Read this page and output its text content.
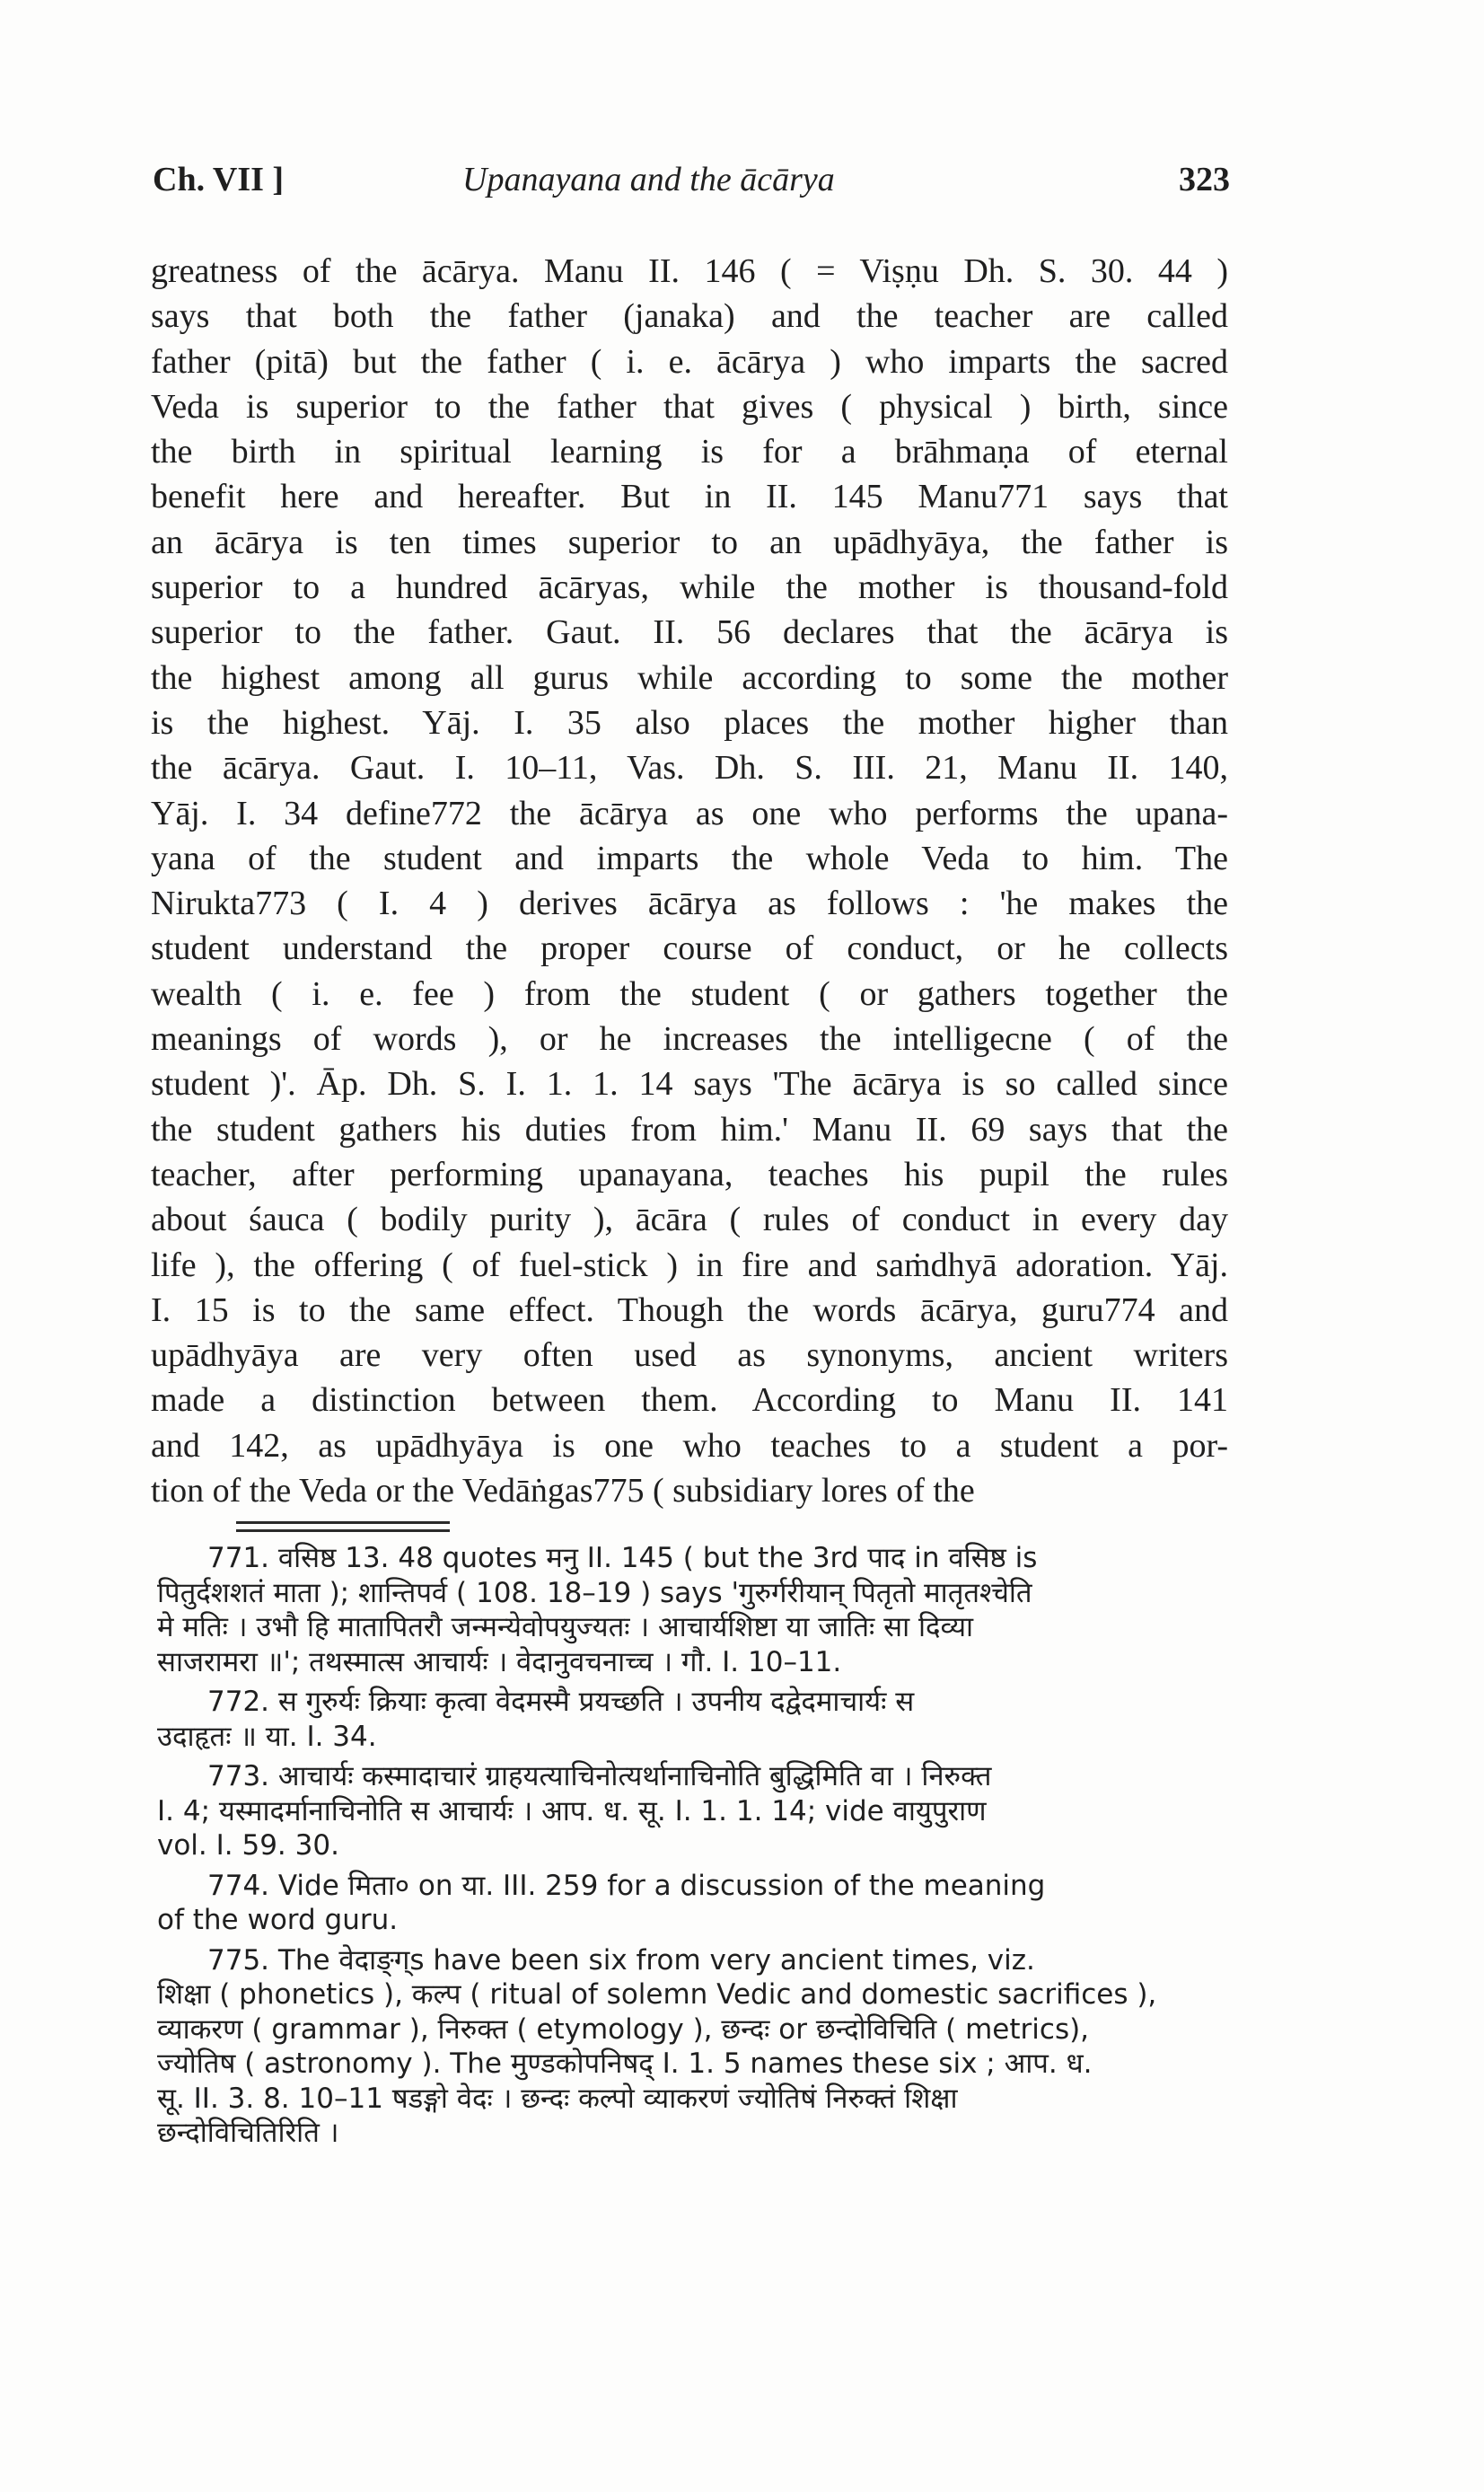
Ch. VII ]	Upanayana and the ācārya	323
greatness of the ācārya. Manu II. 146 ( = Viṣṇu Dh. S. 30. 44 )
says that both the father (janaka) and the teacher are called
father (pitā) but the father ( i. e. ācārya ) who imparts the sacred
Veda is superior to the father that gives ( physical ) birth, since
the birth in spiritual learning is for a brāhmaṇa of eternal
benefit here and hereafter. But in II. 145 Manu771 says that
an ācārya is ten times superior to an upādhyāya, the father is
superior to a hundred ācāryas, while the mother is thousand-fold
superior to the father. Gaut. II. 56 declares that the ācārya is
the highest among all gurus while according to some the mother
is the highest. Yāj. I. 35 also places the mother higher than
the ācārya. Gaut. I. 10–11, Vas. Dh. S. III. 21, Manu II. 140,
Yāj. I. 34 define772 the ācārya as one who performs the upana-
yana of the student and imparts the whole Veda to him. The
Nirukta773 ( I. 4 ) derives ācārya as follows : 'he makes the
student understand the proper course of conduct, or he collects
wealth ( i. e. fee ) from the student ( or gathers together the
meanings of words ), or he increases the intelligecne ( of the
student )'. Āp. Dh. S. I. 1. 1. 14 says 'The ācārya is so called since
the student gathers his duties from him.' Manu II. 69 says that the
teacher, after performing upanayana, teaches his pupil the rules
about śauca ( bodily purity ), ācāra ( rules of conduct in every day
life ), the offering ( of fuel-stick ) in fire and saṁdhyā adoration. Yāj.
I. 15 is to the same effect. Though the words ācārya, guru774 and
upādhyāya are very often used as synonyms, ancient writers
made a distinction between them. According to Manu II. 141
and 142, as upādhyāya is one who teaches to a student a por-
tion of the Veda or the Vedāṅgas775 ( subsidiary lores of the
771. वसिष्ठ 13. 48 quotes मनु II. 145 ( but the 3rd पाद in वसिष्ठ is
पितुर्दशशतं माता ); शान्तिपर्व ( 108. 18–19 ) says 'गुरुर्गरीयान् पितृतो मातृतश्चेति
मे मतिः । उभौ हि मातापितरौ जन्मन्येवोपयुज्यतः । आचार्यशिष्टा या जातिः सा दिव्या
साजरामरा ॥'; तथस्मात्स आचार्यः । वेदानुवचनाच्च । गौ. I. 10–11.
772. स गुरुर्यः क्रियाः कृत्वा वेदमस्मै प्रयच्छति । उपनीय दद्वेदमाचार्यः स
उदाहृतः ॥ या. I. 34.
773. आचार्यः कस्मादाचारं ग्राहयत्याचिनोत्यर्थानाचिनोति बुद्धिमिति वा । निरुक्त
I. 4; यस्मादर्मानाचिनोति स आचार्यः । आप. ध. सू. I. 1. 1. 14; vide वायुपुराण
vol. I. 59. 30.
774. Vide मिता० on या. III. 259 for a discussion of the meaning
of the word guru.
775. The वेदाङ्ग्s have been six from very ancient times, viz.
शिक्षा ( phonetics ), कल्प ( ritual of solemn Vedic and domestic sacrifices ),
व्याकरण ( grammar ), निरुक्त ( etymology ), छन्दः or छन्दोविचिति ( metrics),
ज्योतिष ( astronomy ). The मुण्डकोपनिषद् I. 1. 5 names these six ; आप. ध.
सू. II. 3. 8. 10–11 षडङ्गो वेदः । छन्दः कल्पो व्याकरणं ज्योतिषं निरुक्तं शिक्षा
छन्दोविचितिरिति ।
